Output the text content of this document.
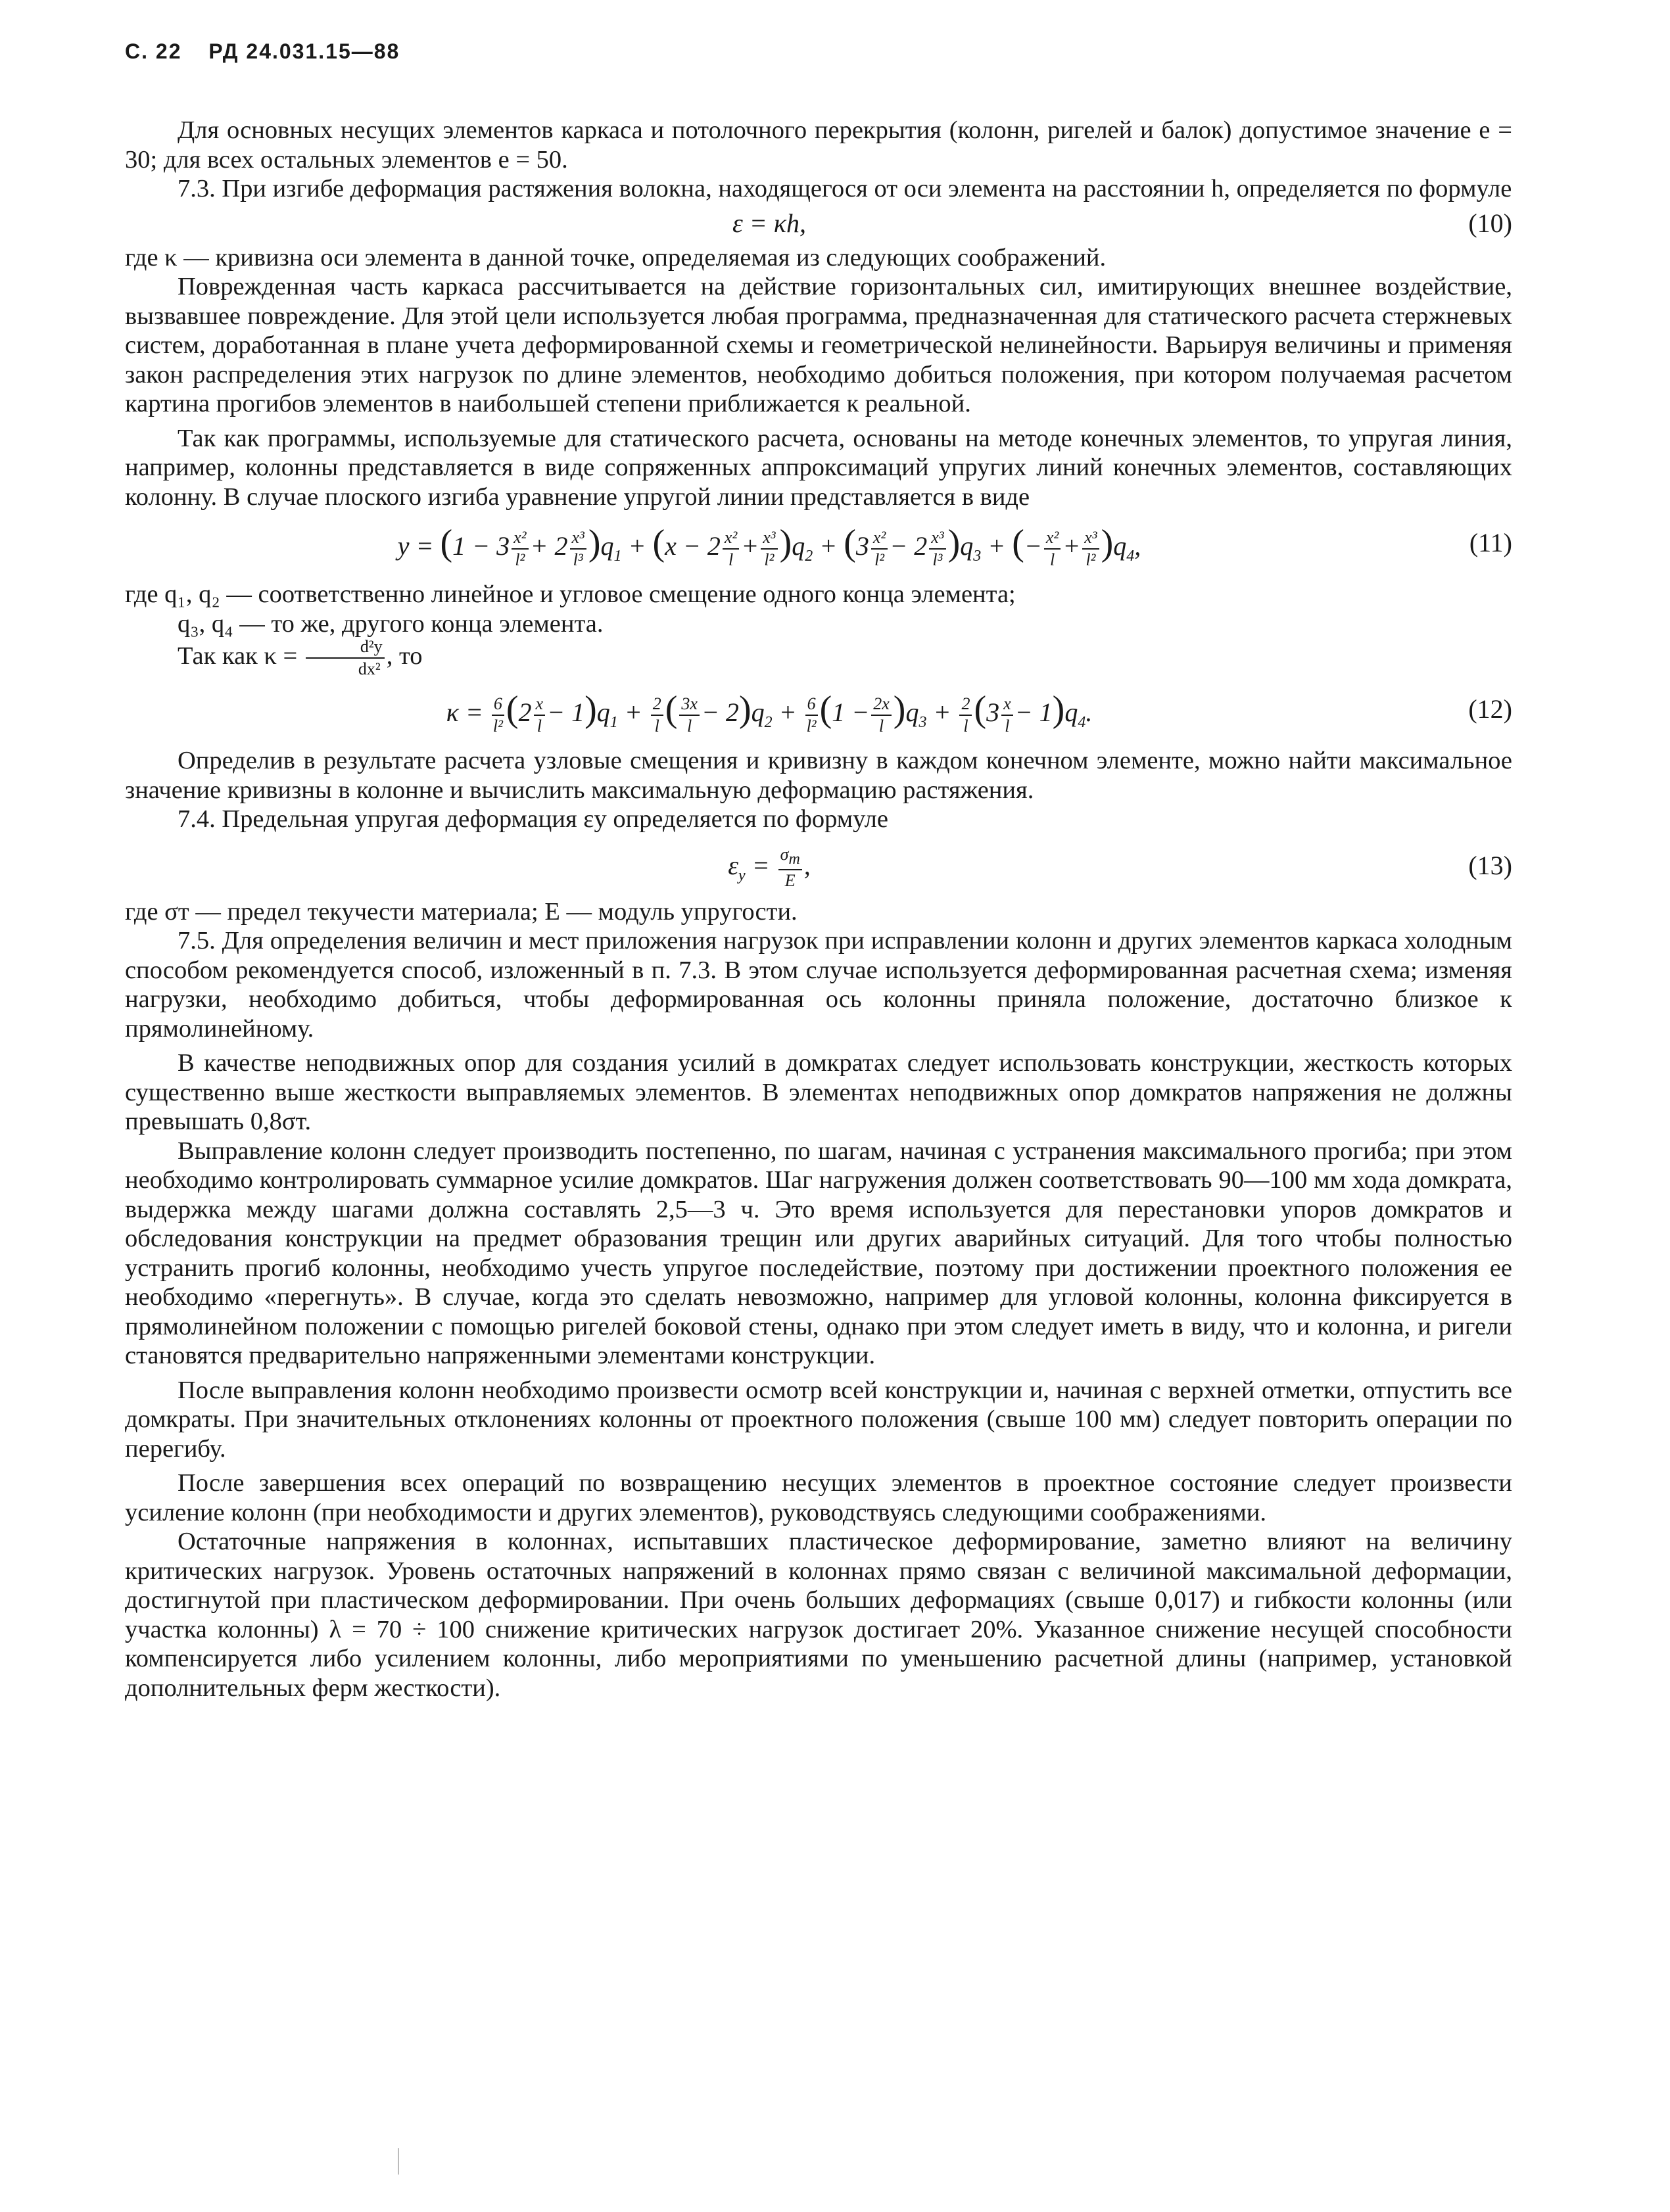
С. 22 РД 24.031.15—88

Для основных несущих элементов каркаса и потолочного перекрытия (колонн, ригелей и балок) допустимое значение e = 30; для всех остальных элементов e = 50.

7.3. При изгибе деформация растяжения волокна, находящегося от оси элемента на расстоянии h, определяется по формуле

ε = κh,	(10)

где κ — кривизна оси элемента в данной точке, определяемая из следующих соображений.

Поврежденная часть каркаса рассчитывается на действие горизонтальных сил, имитирующих внешнее воздействие, вызвавшее повреждение. Для этой цели используется любая программа, предназначенная для статического расчета стержневых систем, доработанная в плане учета деформированной схемы и геометрической нелинейности. Варьируя величины и применяя закон распределения этих нагрузок по длине элементов, необходимо добиться положения, при котором получаемая расчетом картина прогибов элементов в наибольшей степени приближается к реальной.

Так как программы, используемые для статического расчета, основаны на методе конечных элементов, то упругая линия, например, колонны представляется в виде сопряженных аппроксимаций упругих линий конечных элементов, составляющих колонну. В случае плоского изгиба уравнение упругой линии представляется в виде

$y = (1 - 3 \frac{\text{x²}}{\text{l²}} + 2 \frac{\text{x³}}{\text{l³}} )q_1 + (x - 2 \frac{\text{x²}}{l} + \frac{\text{x³}}{\text{l²}} )q_2 + (3 \frac{\text{x²}}{\text{l²}} - 2 \frac{\text{x³}}{\text{l³}} )q_3$ + (− $\frac{\text{x²}}{l} + \frac{\text{x³}}{\text{l²}} )q_4$,	(11)

где q₁, q₂ — соответственно линейное и угловое смещение одного конца элемента;

q₃, q₄ — то же, другого конца элемента.

Так как $\kappa = \frac{\text{d²y}}{\text{dx²}}$ , то

$\kappa = \frac{6}{\text{l²}} (2 \frac{x}{l} - 1)q_1 + \frac{2}{l}$ ( $\frac{3x}{l} - 2)q_2 + \frac{6}{\text{l²}} (1 - \frac{2x}{l} )q_3 + \frac{2}{l} (3 \frac{x}{l} - 1)q_4$.	(12)

Определив в результате расчета узловые смещения и кривизну в каждом конечном элементе, можно найти максимальное значение кривизны в колонне и вычислить максимальную деформацию растяжения.

7.4. Предельная упругая деформация εу определяется по формуле

$\varepsilon_у = \frac{\sigma_т}{E}$ ,	(13)

где σт — предел текучести материала; E — модуль упругости.

7.5. Для определения величин и мест приложения нагрузок при исправлении колонн и других элементов каркаса холодным способом рекомендуется способ, изложенный в п. 7.3. В этом случае используется деформированная расчетная схема; изменяя нагрузки, необходимо добиться, чтобы деформированная ось колонны приняла положение, достаточно близкое к прямолинейному.

В качестве неподвижных опор для создания усилий в домкратах следует использовать конструкции, жесткость которых существенно выше жесткости выправляемых элементов. В элементах неподвижных опор домкратов напряжения не должны превышать 0,8σт.

Выправление колонн следует производить постепенно, по шагам, начиная с устранения максимального прогиба; при этом необходимо контролировать суммарное усилие домкратов. Шаг нагружения должен соответствовать 90—100 мм хода домкрата, выдержка между шагами должна составлять 2,5—3 ч. Это время используется для перестановки упоров домкратов и обследования конструкции на предмет образования трещин или других аварийных ситуаций. Для того чтобы полностью устранить прогиб колонны, необходимо учесть упругое последействие, поэтому при достижении проектного положения ее необходимо «перегнуть». В случае, когда это сделать невозможно, например для угловой колонны, колонна фиксируется в прямолинейном положении с помощью ригелей боковой стены, однако при этом следует иметь в виду, что и колонна, и ригели становятся предварительно напряженными элементами конструкции.

После выправления колонн необходимо произвести осмотр всей конструкции и, начиная с верхней отметки, отпустить все домкраты. При значительных отклонениях колонны от проектного положения (свыше 100 мм) следует повторить операции по перегибу.

После завершения всех операций по возвращению несущих элементов в проектное состояние следует произвести усиление колонн (при необходимости и других элементов), руководствуясь следующими соображениями.

Остаточные напряжения в колоннах, испытавших пластическое деформирование, заметно влияют на величину критических нагрузок. Уровень остаточных напряжений в колоннах прямо связан с величиной максимальной деформации, достигнутой при пластическом деформировании. При очень больших деформациях (свыше 0,017) и гибкости колонны (или участка колонны) λ = 70 ÷ 100 снижение критических нагрузок достигает 20%. Указанное снижение несущей способности компенсируется либо усилением колонны, либо мероприятиями по уменьшению расчетной длины (например, установкой дополнительных ферм жесткости).
